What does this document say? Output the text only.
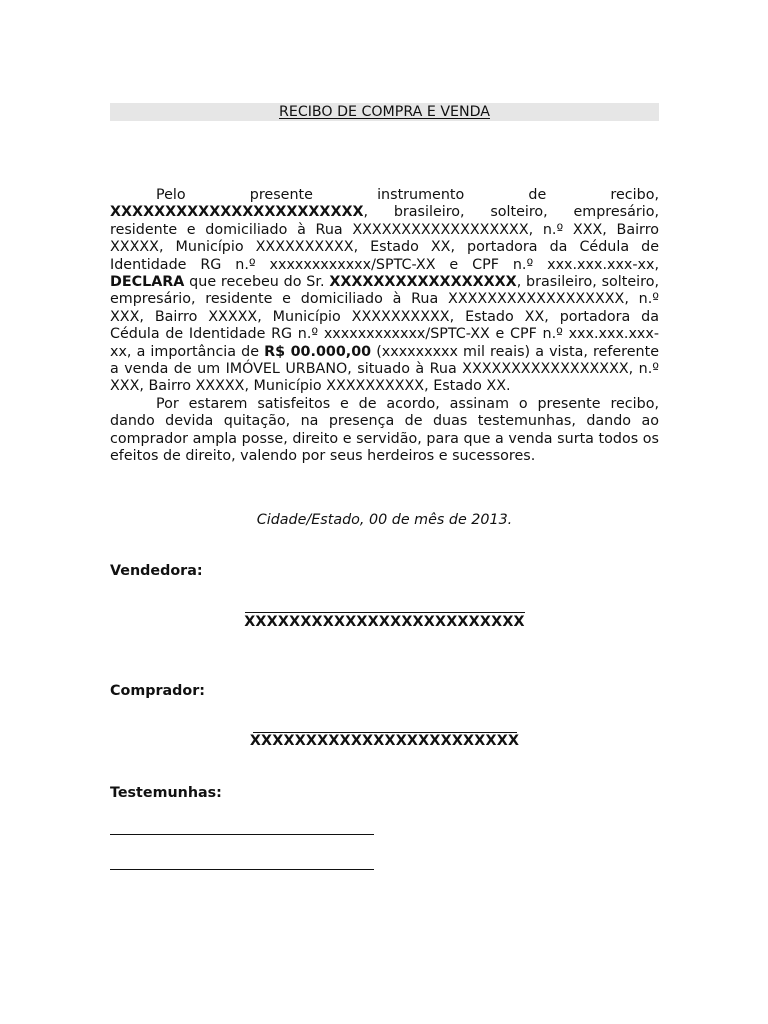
RECIBO DE COMPRA E VENDA

Pelo presente instrumento de recibo, XXXXXXXXXXXXXXXXXXXXXXX, brasileiro, solteiro, empresário, residente e domiciliado à Rua XXXXXXXXXXXXXXXXXX, n.º XXX, Bairro XXXXX, Município XXXXXXXXXX, Estado XX, portadora da Cédula de Identidade RG n.º xxxxxxxxxxxx/SPTC-XX e CPF n.º xxx.xxx.xxx-xx, DECLARA que recebeu do Sr. XXXXXXXXXXXXXXXXX, brasileiro, solteiro, empresário, residente e domiciliado à Rua XXXXXXXXXXXXXXXXXX, n.º XXX, Bairro XXXXX, Município XXXXXXXXXX, Estado XX, portadora da Cédula de Identidade RG n.º xxxxxxxxxxxx/SPTC-XX e CPF n.º xxx.xxx.xxx-xx, a importância de R$ 00.000,00 (xxxxxxxxx mil reais) a vista, referente a venda de um IMÓVEL URBANO, situado à Rua XXXXXXXXXXXXXXXXX, n.º XXX, Bairro XXXXX, Município XXXXXXXXXX, Estado XX.

Por estarem satisfeitos e de acordo, assinam o presente recibo, dando devida quitação, na presença de duas testemunhas, dando ao comprador ampla posse, direito e servidão, para que a venda surta todos os efeitos de direito, valendo por seus herdeiros e sucessores.

Cidade/Estado, 00 de mês de 2013.
Vendedora:
XXXXXXXXXXXXXXXXXXXXXXXXX
Comprador:
XXXXXXXXXXXXXXXXXXXXXXXX
Testemunhas:
